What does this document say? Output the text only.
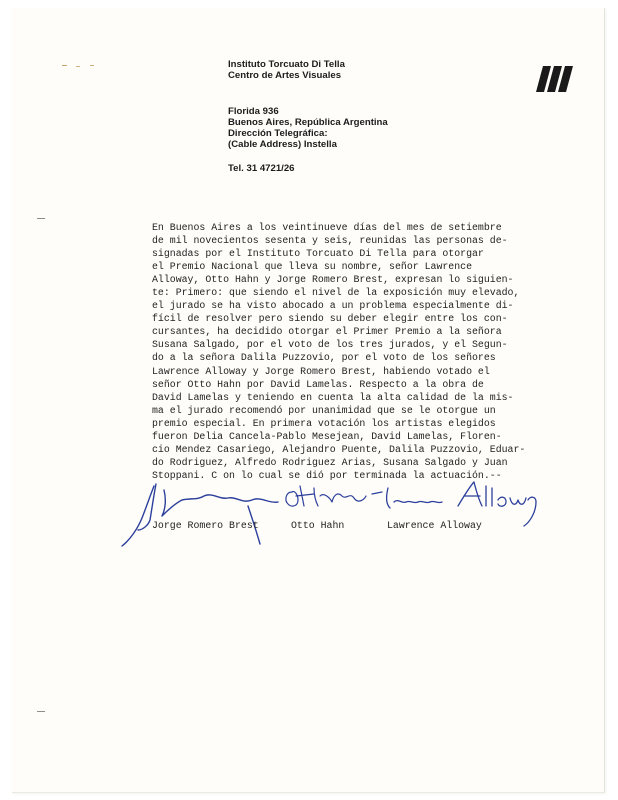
Instituto Torcuato Di Tella
Centro de Artes Visuales
Florida 936
Buenos Aires, República Argentina
Dirección Telegráfica:
(Cable Address) Instella
Tel. 31 4721/26
En Buenos Aires a los veintinueve días del mes de setiembre
de mil novecientos sesenta y seis, reunidas las personas de-
signadas por el Instituto Torcuato Di Tella para otorgar
el Premio Nacional que lleva su nombre, señor Lawrence
Alloway, Otto Hahn y Jorge Romero Brest, expresan lo siguien-
te: Primero: que siendo el nivel de la exposición muy elevado,
el jurado se ha visto abocado a un problema especialmente di-
fícil de resolver pero siendo su deber elegir entre los con-
cursantes, ha decidido otorgar el Primer Premio a la señora
Susana Salgado, por el voto de los tres jurados, y el Segun-
do a la señora Dalila Puzzovio, por el voto de los señores
Lawrence Alloway y Jorge Romero Brest, habiendo votado el
señor Otto Hahn por David Lamelas. Respecto a la obra de
David Lamelas y teniendo en cuenta la alta calidad de la mis-
ma el jurado recomendó por unanimidad que se le otorgue un
premio especial. En primera votación los artistas elegidos
fueron Delia Cancela-Pablo Mesejean, David Lamelas, Floren-
cio Mendez Casariego, Alejandro Puente, Dalila Puzzovio, Eduar-
do Rodriguez, Alfredo Rodriguez Arias, Susana Salgado y Juan
Stoppani. C on lo cual se dió por terminada la actuación.--
Jorge Romero Brest	Otto Hahn	Lawrence Alloway
